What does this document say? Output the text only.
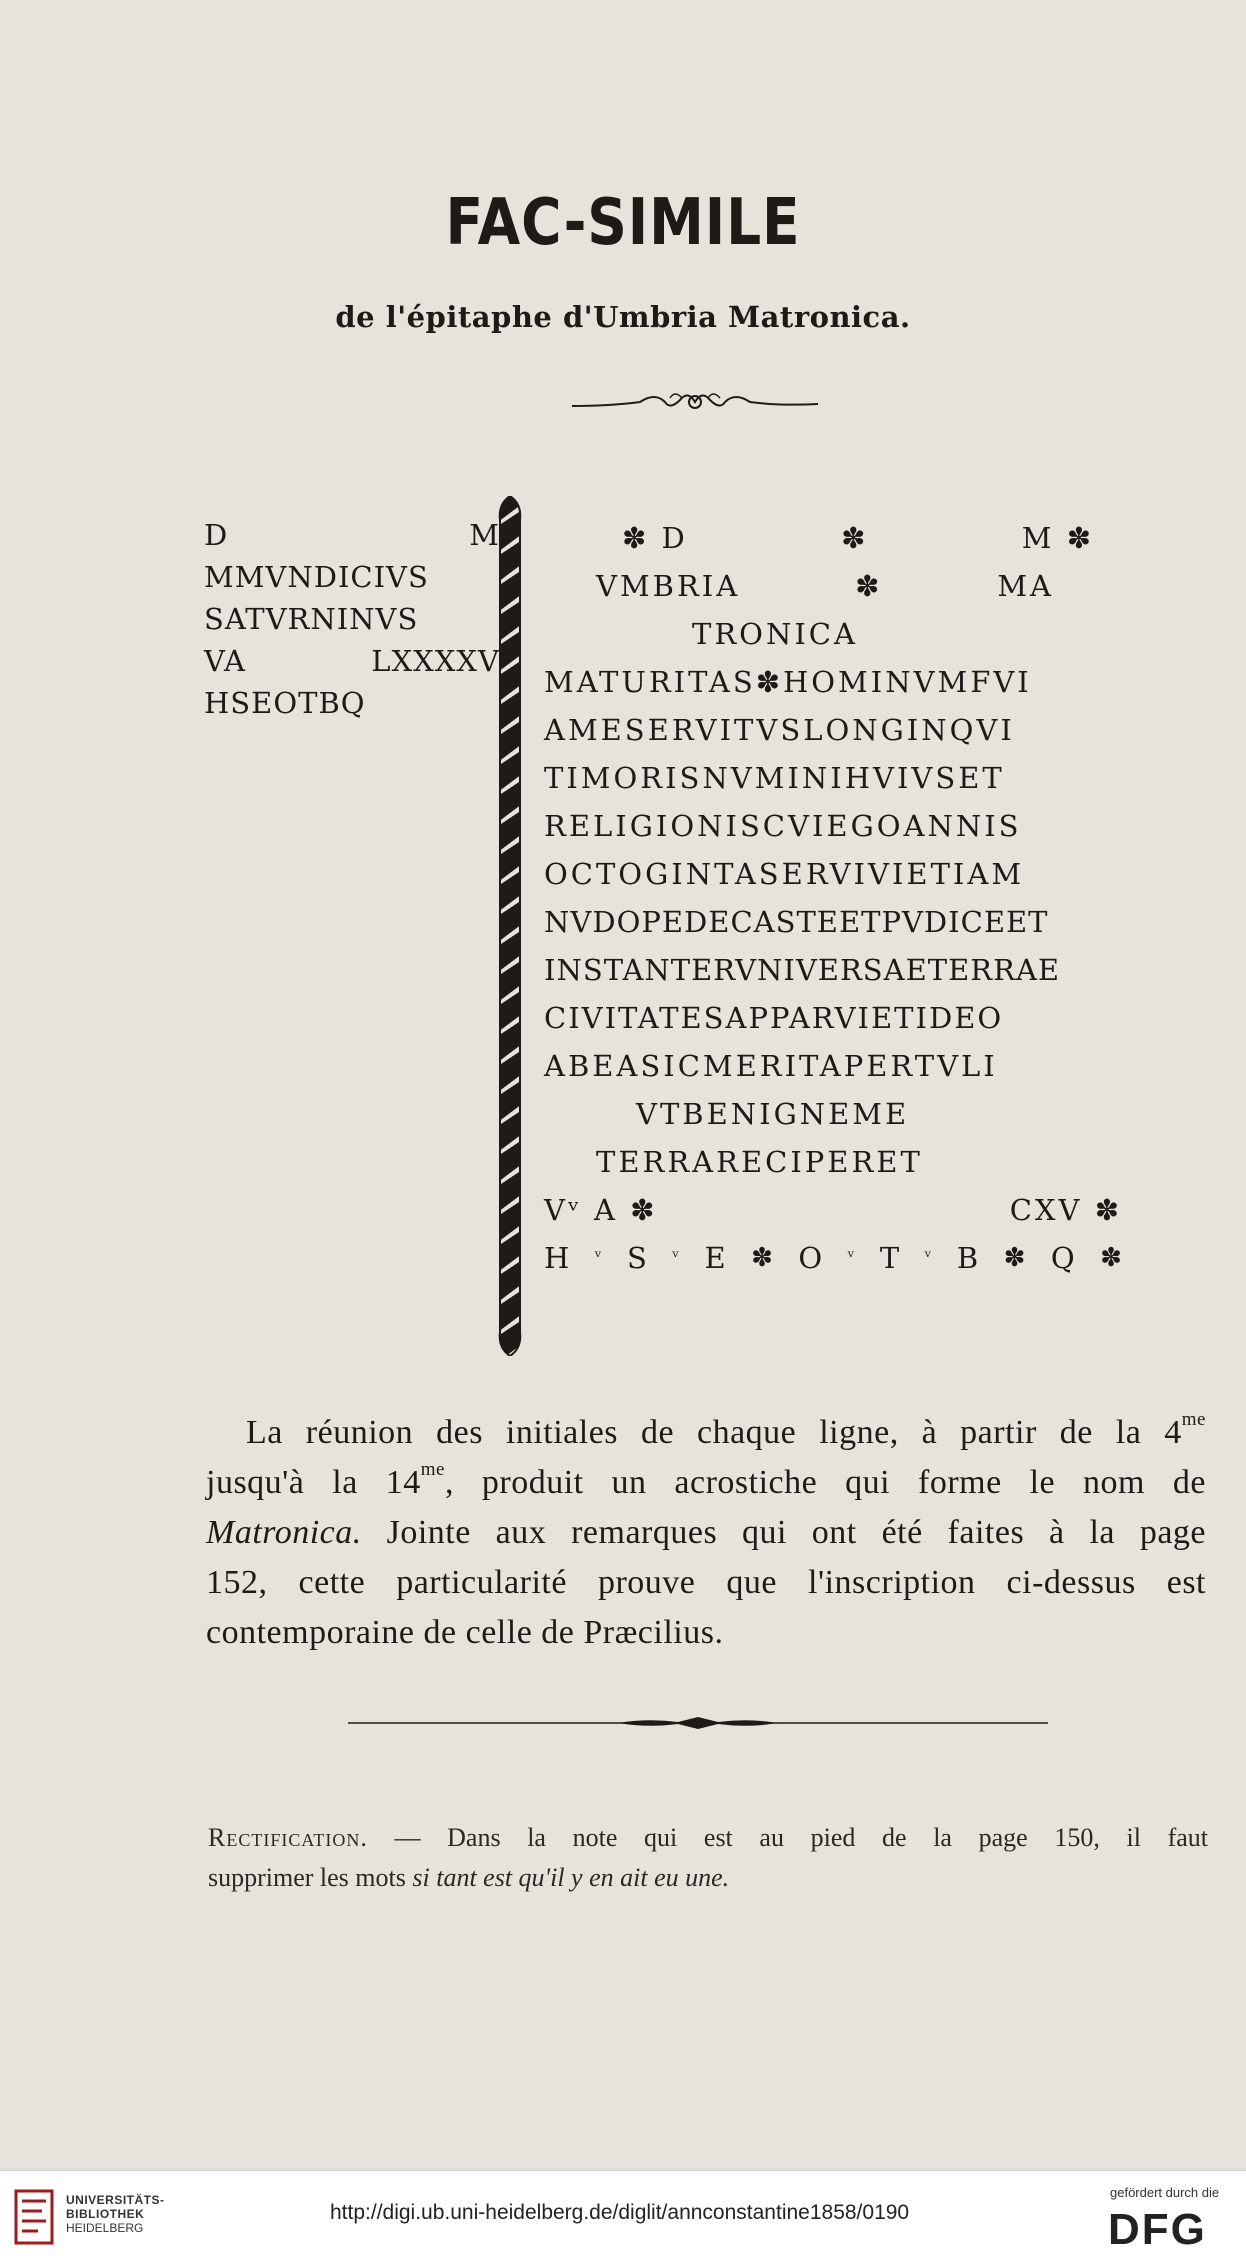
FAC-SIMILE
de l'épitaphe d'Umbria Matronica.
D	M
MMVNDICIVS
SATVRNINVS
VA	LXXXXV
HSEOTBQ
✽ D	✽	M ✽
VMBRIA	✽	MA
TRONICA
MATURITAS✽HOMINVMFVI
AMESERVITVSLONGINQVI
TIMORISNVMINIHVIVSET
RELIGIONISCVIEGOANNIS
OCTOGINTASERVIVIETIAM
NVDOPEDECASTEETPVDICEET
INSTANTERVNIVERSAETERRAE
CIVITATESAPPARVIETIDEO
ABEASICMERITAPERTVLI
VTBENIGNEME
TERRARECIPERET
Vᵛ A ✽	CXV ✽
H ᵛ S ᵛ E ✽ O ᵛ T ᵛ B ✽ Q ✽
La réunion des initiales de chaque ligne, à partir de la $4^{me}$
jusqu'à la $14^{me}$, produit un acrostiche qui forme le nom de
Matronica. Jointe aux remarques qui ont été faites à la page
152, cette particularité prouve que l'inscription ci-dessus est
contemporaine de celle de Præcilius.
Rectification. — Dans la note qui est au pied de la page 150, il faut
supprimer les mots si tant est qu'il y en ait eu une.
UNIVERSITÄTS-
BIBLIOTHEK
HEIDELBERG
http://digi.ub.uni-heidelberg.de/diglit/annconstantine1858/0190
gefördert durch die
DFG
